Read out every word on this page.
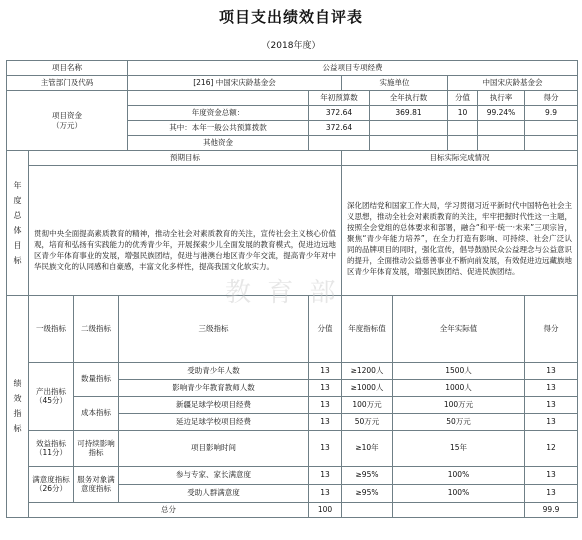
项目支出绩效自评表
（2018年度）
项目名称				公益项目专项经费								
主管部门及代码				[216] 中国宋庆龄基金会		实施单位			中国宋庆龄基金会			
项目资金
（万元）					年初预算数		全年执行数		分值	执行率	得分	
				年度资金总额：	372.64		369.81		10	99.24%	9.9	
				其中：本年一般公共预算拨款	372.64							
				其他资金								
年度总体目标	预期目标					目标实际完成情况						

	贯彻中央全面提高素质教育的精神，推动全社会对素质教育的关注，宣传社会主义核心价值观，培育和弘扬有实践能力的优秀青少年，开展探索少儿全面发展的教育模式，促进边远地区青少年体育事业的发展，增强民族团结，促进与港澳台地区青少年交流，提高青少年对中华民族文化的认同感和自豪感，丰富文化多样性，提高我国文化软实力。					深化团结党和国家工作大局，学习贯彻习近平新时代中国特色社会主义思想，推动全社会对素质教育的关注，牢牢把握时代性这一主题，按照全会党组的总体要求和部署，融合“和平·统一·未来”三项宗旨，聚焦“青少年能力培养”，在全力打造有影响、可持续、社会广泛认同的品牌项目的同时，强化宣传，倡导鼓励民众公益理念与公益意识的提升，全面推动公益慈善事业不断向前发展，有效促进边远藏族地区青少年体育发展，增强民族团结、促进民族团结。						

绩效指标	一级指标	二级指标	三级指标		分值	年度指标值		全年实际值			得分	
	产出指标
（45分）	数量指标	受助青少年人数		13	≥1200人		1500人			13	
			影响青少年教育教师人数		13	≥1000人		1000人			13	
		成本指标	新疆足球学校项目经费		13	100万元		100万元			13	
			延边足球学校项目经费		13	50万元		50万元			13	
	效益指标
（11分）	可持续影响指标	项目影响时间		13	≥10年		15年			12	
	满意度指标
（26分）	服务对象满意度指标	参与专家、家长满意度		13	≥95%		100%			13	
			受助人群满意度		13	≥95%		100%			13	
	总分				100						99.9	
教 育 部
